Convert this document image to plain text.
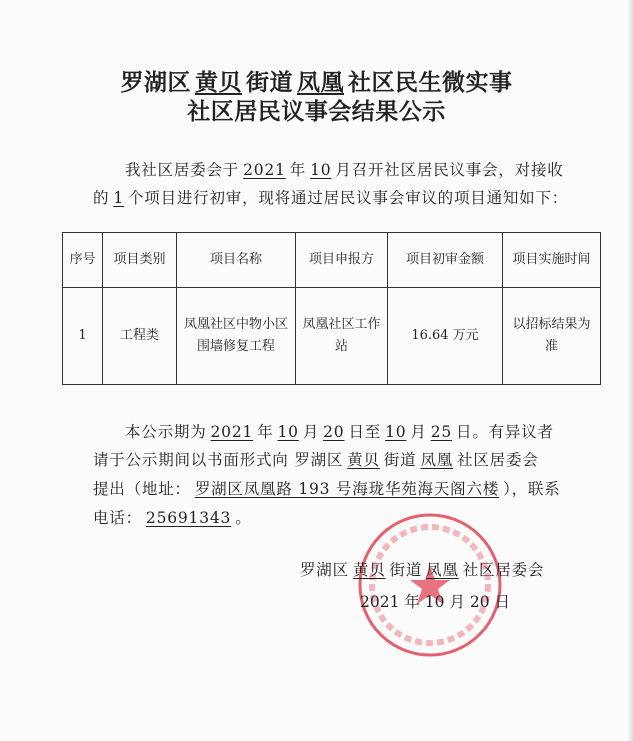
罗湖区 黄贝 街道 凤凰 社区民生微实事
社区居民议事会结果公示
我社区居委会于 2021 年 10 月召开社区居民议事会，对接收
的 1 个项目进行初审，现将通过居民议事会审议的项目通知如下：
序号	项目类别	项目名称	项目申报方	项目初审金额	项目实施时间
1	工程类	凤凰社区中物小区围墙修复工程	凤凰社区工作站	16.64 万元	以招标结果为准
本公示期为 2021 年 10 月 20 日至 10 月 25 日。有异议者
请于公示期间以书面形式向 罗湖区 黄贝 街道 凤凰 社区居委会
提出（地址： 罗湖区凤凰路 193 号海珑华苑海天阁六楼 ），联系
电话： 25691343 。
罗湖区 黄贝 街道 凤凰 社区居委会
2021 年 10 月 20 日
